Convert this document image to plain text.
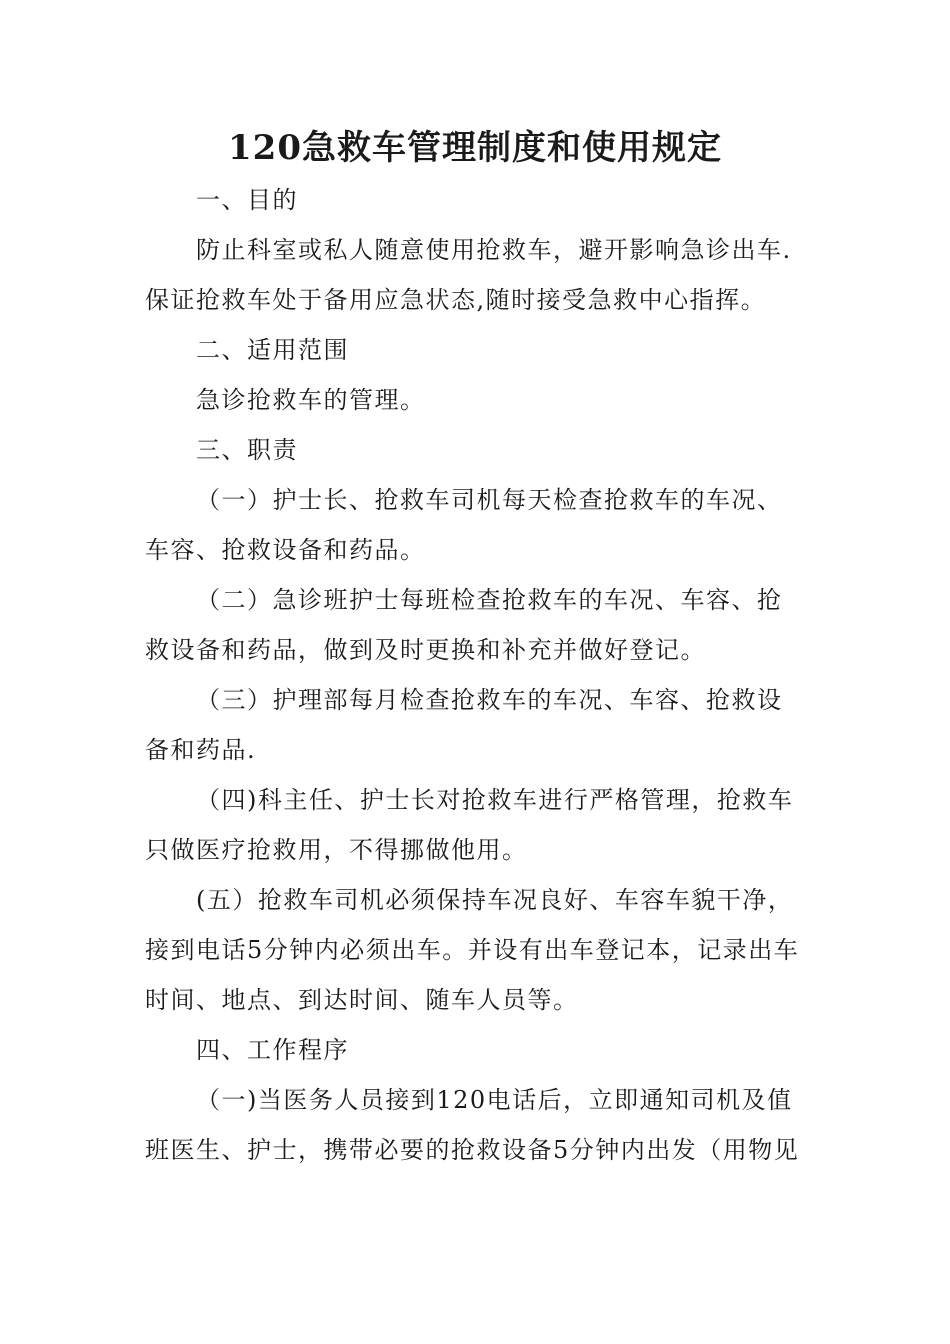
120急救车管理制度和使用规定
一、目的
防止科室或私人随意使用抢救车，避开影响急诊出车.
保证抢救车处于备用应急状态,随时接受急救中心指挥。
二、适用范围
急诊抢救车的管理。
三、职责
（一）护士长、抢救车司机每天检查抢救车的车况、
车容、抢救设备和药品。
（二）急诊班护士每班检查抢救车的车况、车容、抢
救设备和药品，做到及时更换和补充并做好登记。
（三）护理部每月检查抢救车的车况、车容、抢救设
备和药品.
（四)科主任、护士长对抢救车进行严格管理，抢救车
只做医疗抢救用，不得挪做他用。
(五）抢救车司机必须保持车况良好、车容车貌干净，
接到电话5分钟内必须出车。并设有出车登记本，记录出车
时间、地点、到达时间、随车人员等。
四、工作程序
（一)当医务人员接到120电话后，立即通知司机及值
班医生、护士，携带必要的抢救设备5分钟内出发（用物见
